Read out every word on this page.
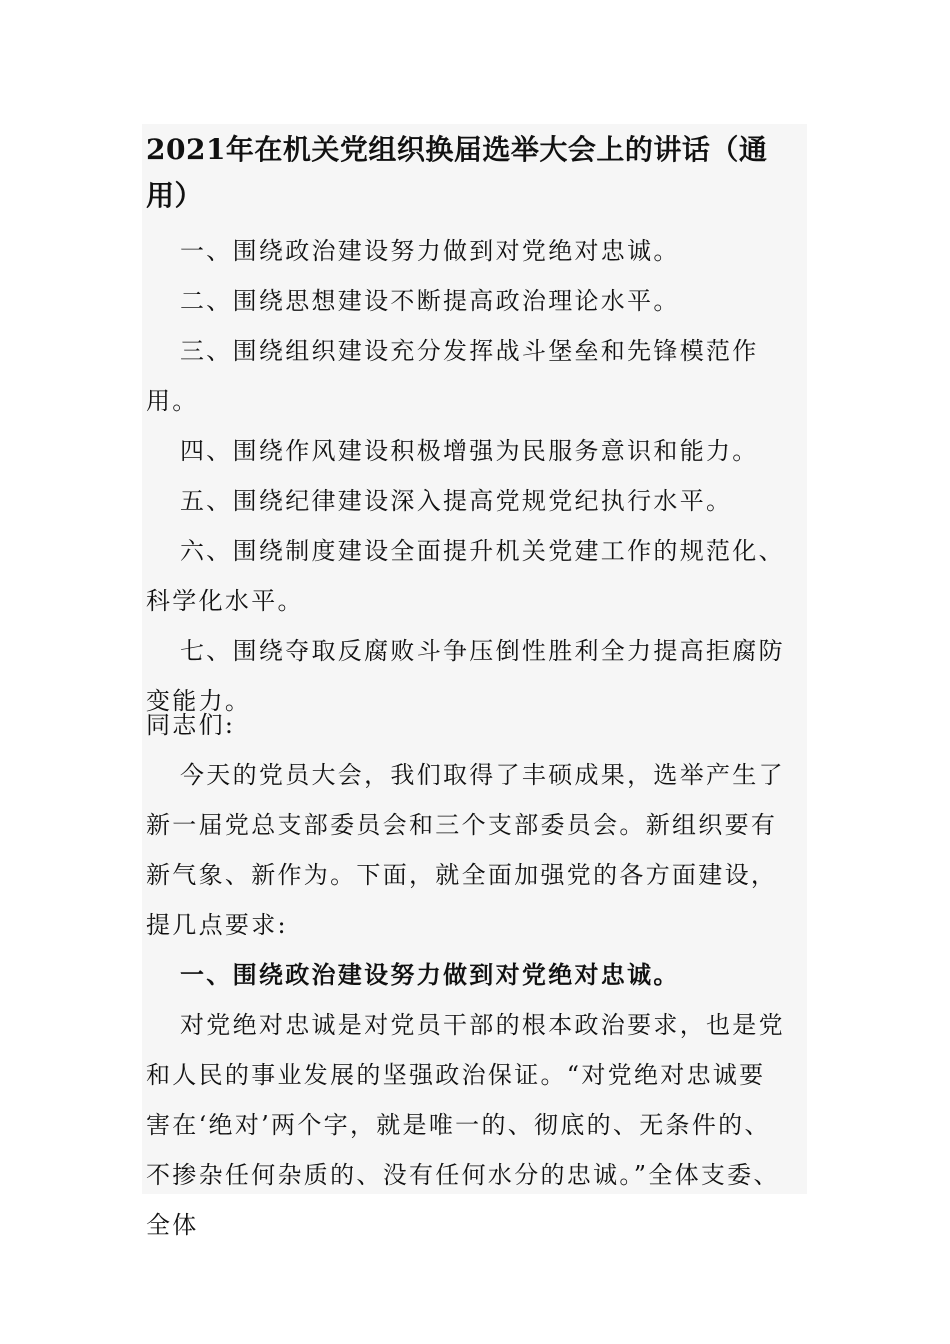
2021年在机关党组织换届选举大会上的讲话（通用）
一、围绕政治建设努力做到对党绝对忠诚。
二、围绕思想建设不断提高政治理论水平。
三、围绕组织建设充分发挥战斗堡垒和先锋模范作用。
四、围绕作风建设积极增强为民服务意识和能力。
五、围绕纪律建设深入提高党规党纪执行水平。
六、围绕制度建设全面提升机关党建工作的规范化、科学化水平。
七、围绕夺取反腐败斗争压倒性胜利全力提高拒腐防变能力。

同志们:

今天的党员大会，我们取得了丰硕成果，选举产生了新一届党总支部委员会和三个支部委员会。新组织要有新气象、新作为。下面，就全面加强党的各方面建设，提几点要求:

一、围绕政治建设努力做到对党绝对忠诚。

对党绝对忠诚是对党员干部的根本政治要求，也是党和人民的事业发展的坚强政治保证。“对党绝对忠诚要害在‘绝对’两个字，就是唯一的、彻底的、无条件的、不掺杂任何杂质的、没有任何水分的忠诚。”全体支委、全体
